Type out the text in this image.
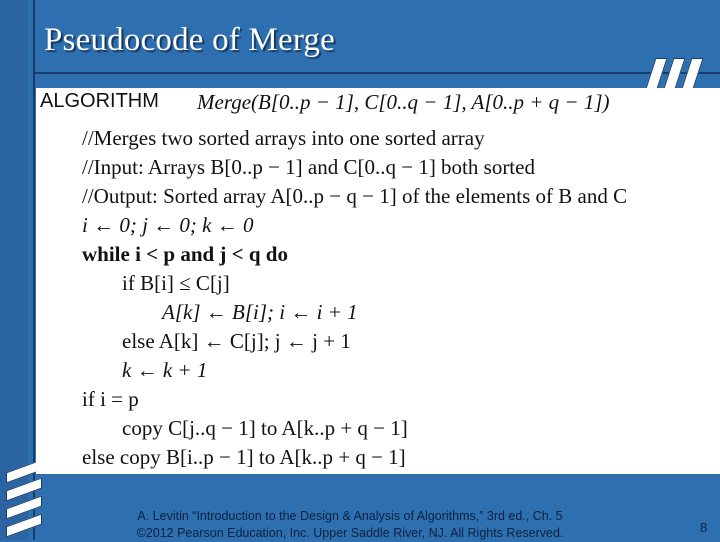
Pseudocode of Merge
ALGORITHM Merge(B[0..p − 1], C[0..q − 1], A[0..p + q − 1])
//Merges two sorted arrays into one sorted array
//Input: Arrays B[0..p − 1] and C[0..q − 1] both sorted
//Output: Sorted array A[0..p − q − 1] of the elements of B and C
i ← 0; j ← 0; k ← 0
while i < p and j < q do
if B[i] ≤ C[j]
A[k] ← B[i]; i ← i + 1
else A[k] ← C[j]; j ← j + 1
k ← k + 1
if i = p
copy C[j..q − 1] to A[k..p + q − 1]
else copy B[i..p − 1] to A[k..p + q − 1]
A. Levitin “Introduction to the Design & Analysis of Algorithms,” 3rd ed., Ch. 5
©2012 Pearson Education, Inc. Upper Saddle River, NJ. All Rights Reserved.	8
